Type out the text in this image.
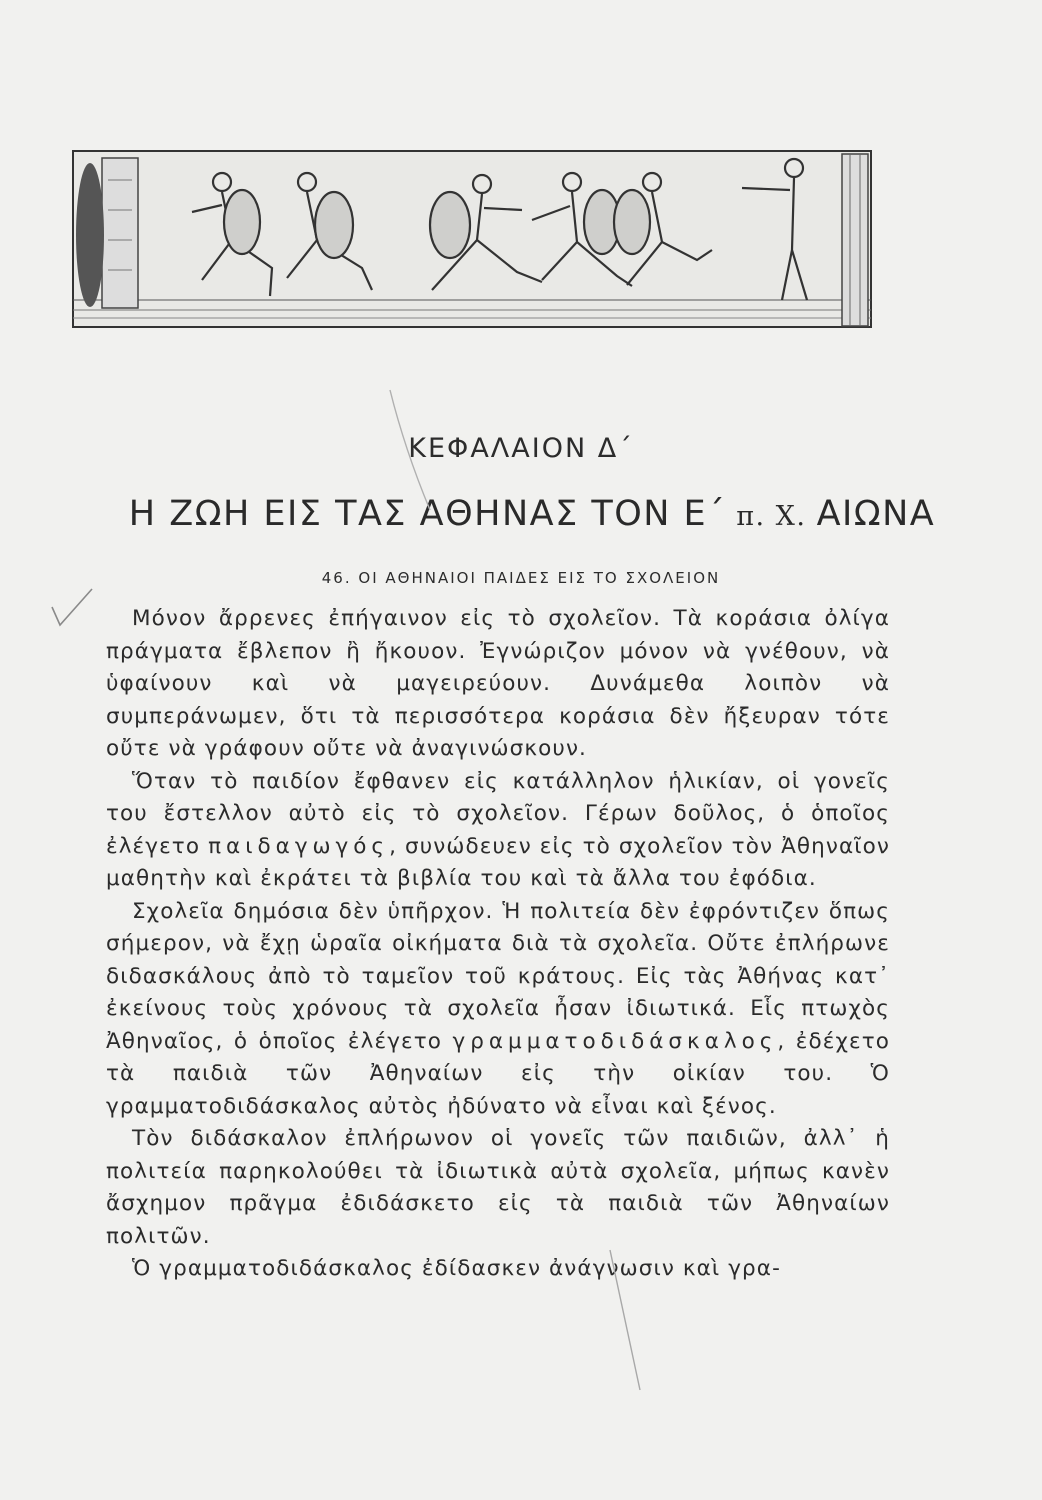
ΚΕΦΑΛΑΙΟΝ Δ΄
Η ΖΩΗ ΕΙΣ ΤΑΣ ΑΘΗΝΑΣ ΤΟΝ Ε΄ π. Χ. ΑΙΩΝΑ
46. ΟΙ ΑΘΗΝΑΙΟΙ ΠΑΙΔΕΣ ΕΙΣ ΤΟ ΣΧΟΛΕΙΟΝ

Μόνον ἄρρενες ἐπήγαινον εἰς τὸ σχολεῖον. Τὰ κοράσια ὀλίγα πράγματα ἔβλεπον ἢ ἤκουον. Ἐγνώριζον μόνον νὰ γνέθουν, νὰ ὑφαίνουν καὶ νὰ μαγειρεύουν. Δυνάμεθα λοιπὸν νὰ συμπεράνωμεν, ὅτι τὰ περισσότερα κοράσια δὲν ἤξευραν τότε οὔτε νὰ γράφουν οὔτε νὰ ἀναγινώσκουν.

Ὅταν τὸ παιδίον ἔφθανεν εἰς κατάλληλον ἡλικίαν, οἱ γονεῖς του ἔστελλον αὐτὸ εἰς τὸ σχολεῖον. Γέρων δοῦλος, ὁ ὁποῖος ἐλέγετο παιδαγωγός, συνώδευεν εἰς τὸ σχολεῖον τὸν Ἀθηναῖον μαθητὴν καὶ ἐκράτει τὰ βιβλία του καὶ τὰ ἄλλα του ἐφόδια.

Σχολεῖα δημόσια δὲν ὑπῆρχον. Ἡ πολιτεία δὲν ἐφρόντιζεν ὅπως σήμερον, νὰ ἔχῃ ὡραῖα οἰκήματα διὰ τὰ σχολεῖα. Οὔτε ἐπλήρωνε διδασκάλους ἀπὸ τὸ ταμεῖον τοῦ κράτους. Εἰς τὰς Ἀθήνας κατ᾽ ἐκείνους τοὺς χρόνους τὰ σχολεῖα ἦσαν ἰδιωτικά. Εἷς πτωχὸς Ἀθηναῖος, ὁ ὁποῖος ἐλέγετο γραμματοδιδάσκαλος, ἐδέχετο τὰ παιδιὰ τῶν Ἀθηναίων εἰς τὴν οἰκίαν του. Ὁ γραμματοδιδάσκαλος αὐτὸς ἠδύνατο νὰ εἶναι καὶ ξένος.

Τὸν διδάσκαλον ἐπλήρωνον οἱ γονεῖς τῶν παιδιῶν, ἀλλ᾽ ἡ πολιτεία παρηκολούθει τὰ ἰδιωτικὰ αὐτὰ σχολεῖα, μήπως κανὲν ἄσχημον πρᾶγμα ἐδιδάσκετο εἰς τὰ παιδιὰ τῶν Ἀθηναίων πολιτῶν.

Ὁ γραμματοδιδάσκαλος ἐδίδασκεν ἀνάγνωσιν καὶ γρα-
